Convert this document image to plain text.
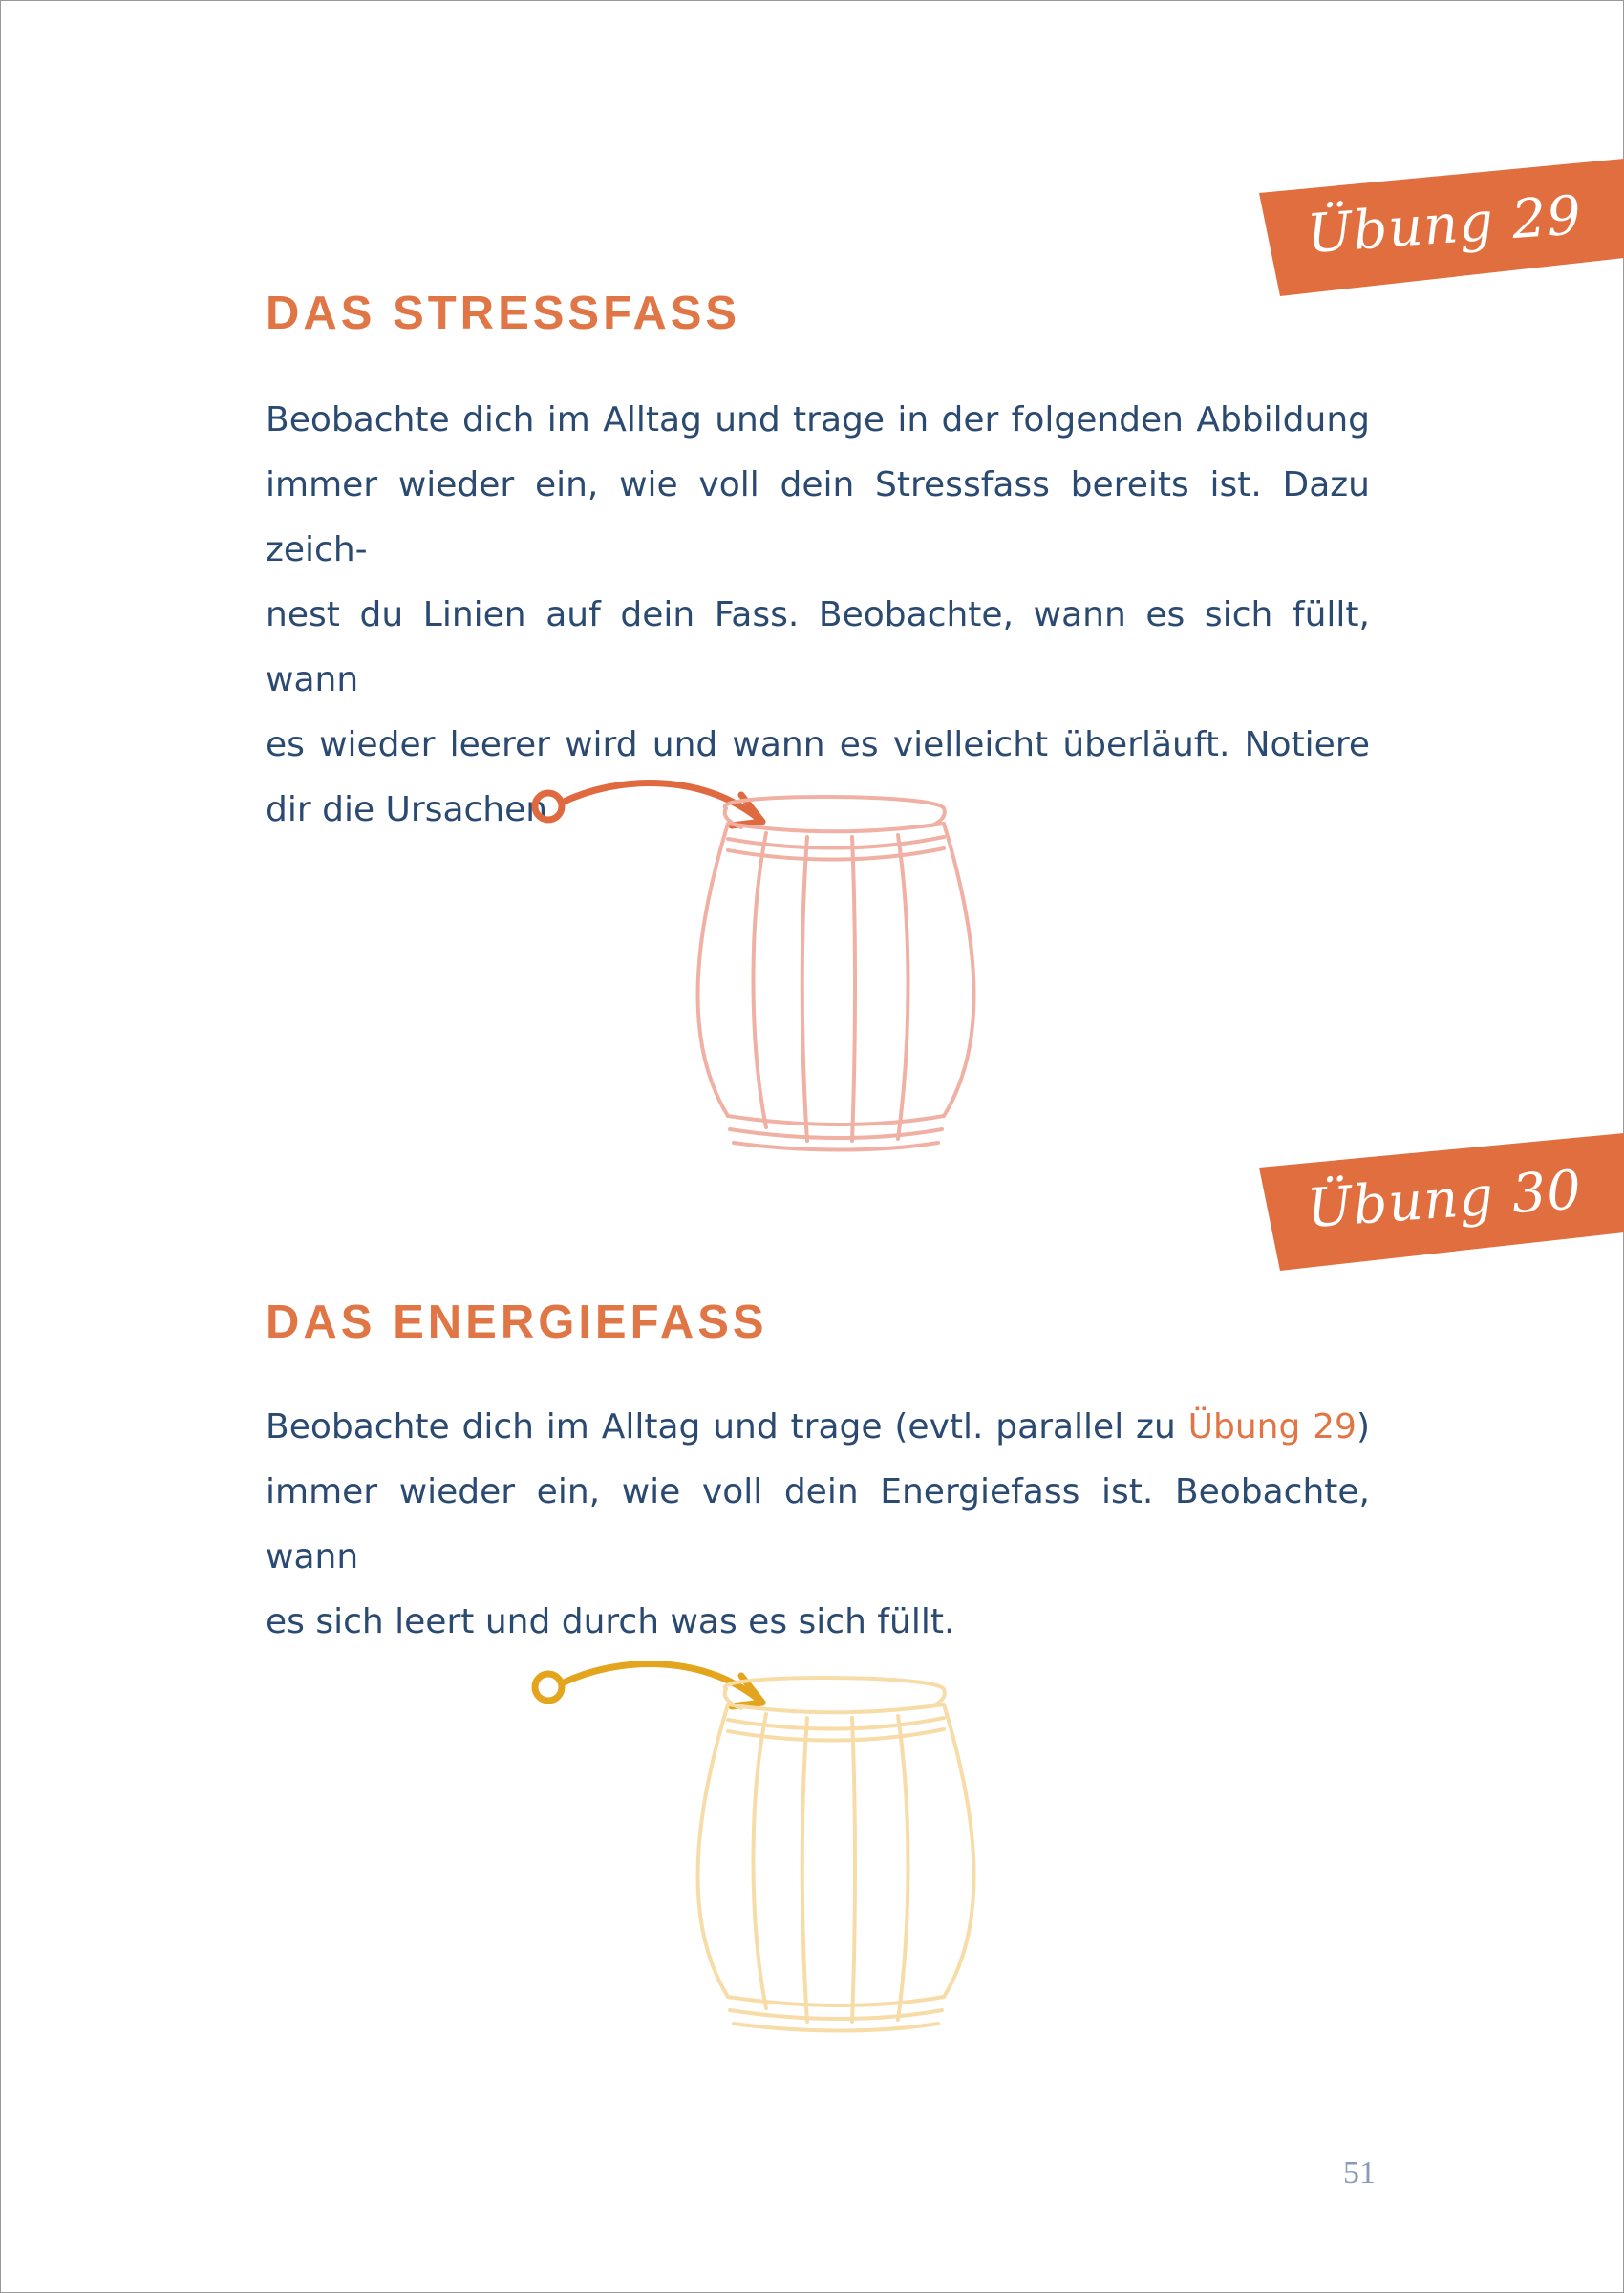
Übung 29
DAS STRESSFASS
Beobachte dich im Alltag und trage in der folgenden Abbildung
immer wieder ein, wie voll dein Stressfass bereits ist. Dazu zeich-
nest du Linien auf dein Fass. Beobachte, wann es sich füllt, wann
es wieder leerer wird und wann es vielleicht überläuft. Notiere
dir die Ursachen.
Übung 30
DAS ENERGIEFASS
Beobachte dich im Alltag und trage (evtl. parallel zu Übung 29)
immer wieder ein, wie voll dein Energiefass ist. Beobachte, wann
es sich leert und durch was es sich füllt.
51
